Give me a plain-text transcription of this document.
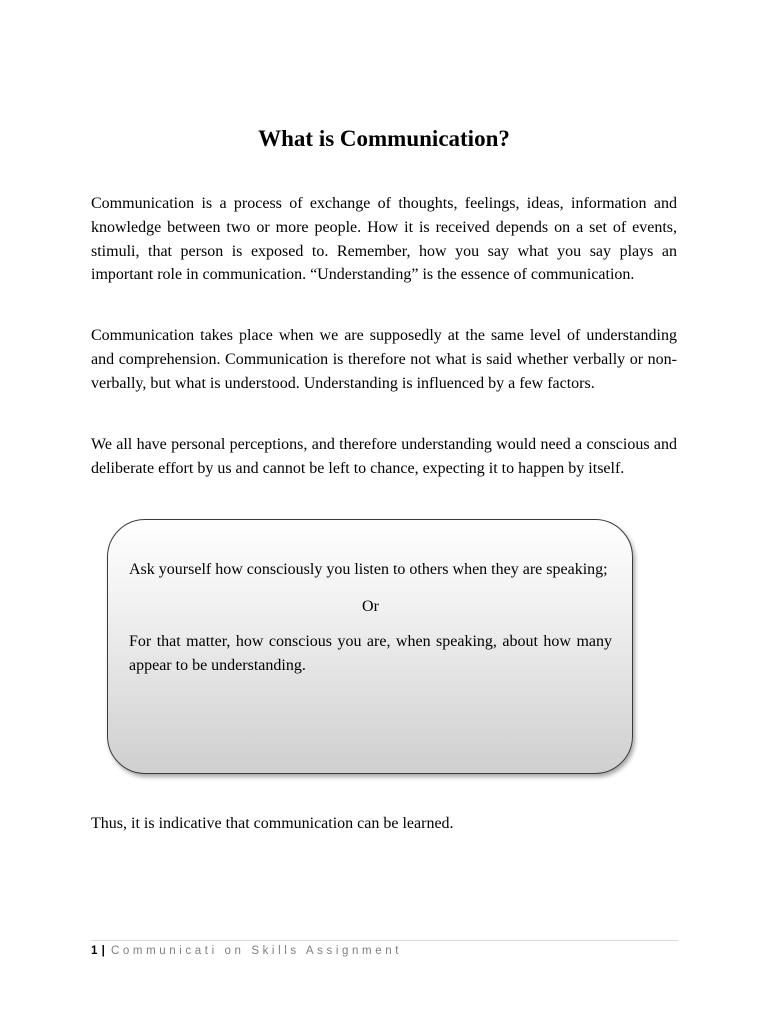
What is Communication?

Communication is a process of exchange of thoughts, feelings, ideas, information and knowledge between two or more people. How it is received depends on a set of events, stimuli, that person is exposed to. Remember, how you say what you say plays an important role in communication. “Understanding” is the essence of communication.

Communication takes place when we are supposedly at the same level of understanding and comprehension. Communication is therefore not what is said whether verbally or non-verbally, but what is understood. Understanding is influenced by a few factors.

We all have personal perceptions, and therefore understanding would need a conscious and deliberate effort by us and cannot be left to chance, expecting it to happen by itself.

Ask yourself how consciously you listen to others when they are speaking;

Or

For that matter, how conscious you are, when speaking, about how many appear to be understanding.

Thus, it is indicative that communication can be learned.

1 | Communicati on Skills Assignment
